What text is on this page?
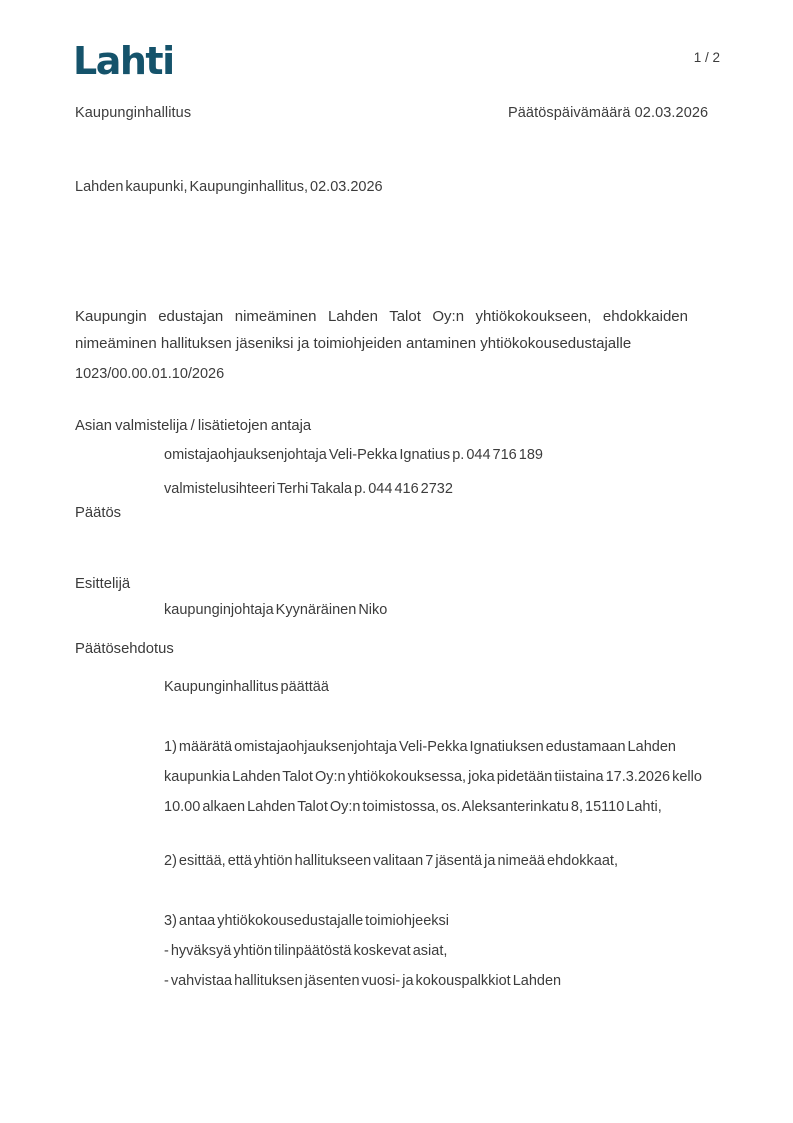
Lahti	1 / 2
Kaupunginhallitus	Päätöspäivämäärä 02.03.2026
Lahden kaupunki, Kaupunginhallitus, 02.03.2026
Kaupungin edustajan nimeäminen Lahden Talot Oy:n yhtiökokoukseen, ehdokkaiden nimeäminen hallituksen jäseniksi ja toimiohjeiden antaminen yhtiökokousedustajalle
1023/00.00.01.10/2026
Asian valmistelija / lisätietojen antaja
omistajaohjauksenjohtaja Veli-Pekka Ignatius p. 044 716 189
valmistelusihteeri Terhi Takala p. 044 416 2732
Päätös
Esittelijä
kaupunginjohtaja Kyynäräinen Niko
Päätösehdotus
Kaupunginhallitus päättää
1) määrätä omistajaohjauksenjohtaja Veli-Pekka Ignatiuksen edustamaan Lahden kaupunkia Lahden Talot Oy:n yhtiökokouksessa, joka pidetään tiistaina 17.3.2026 kello 10.00 alkaen Lahden Talot Oy:n toimistossa, os. Aleksanterinkatu 8, 15110 Lahti,
2) esittää, että yhtiön hallitukseen valitaan 7 jäsentä ja nimeää ehdokkaat,
3) antaa yhtiökokousedustajalle toimiohjeeksi
- hyväksyä yhtiön tilinpäätöstä koskevat asiat,
- vahvistaa hallituksen jäsenten vuosi- ja kokouspalkkiot Lahden
